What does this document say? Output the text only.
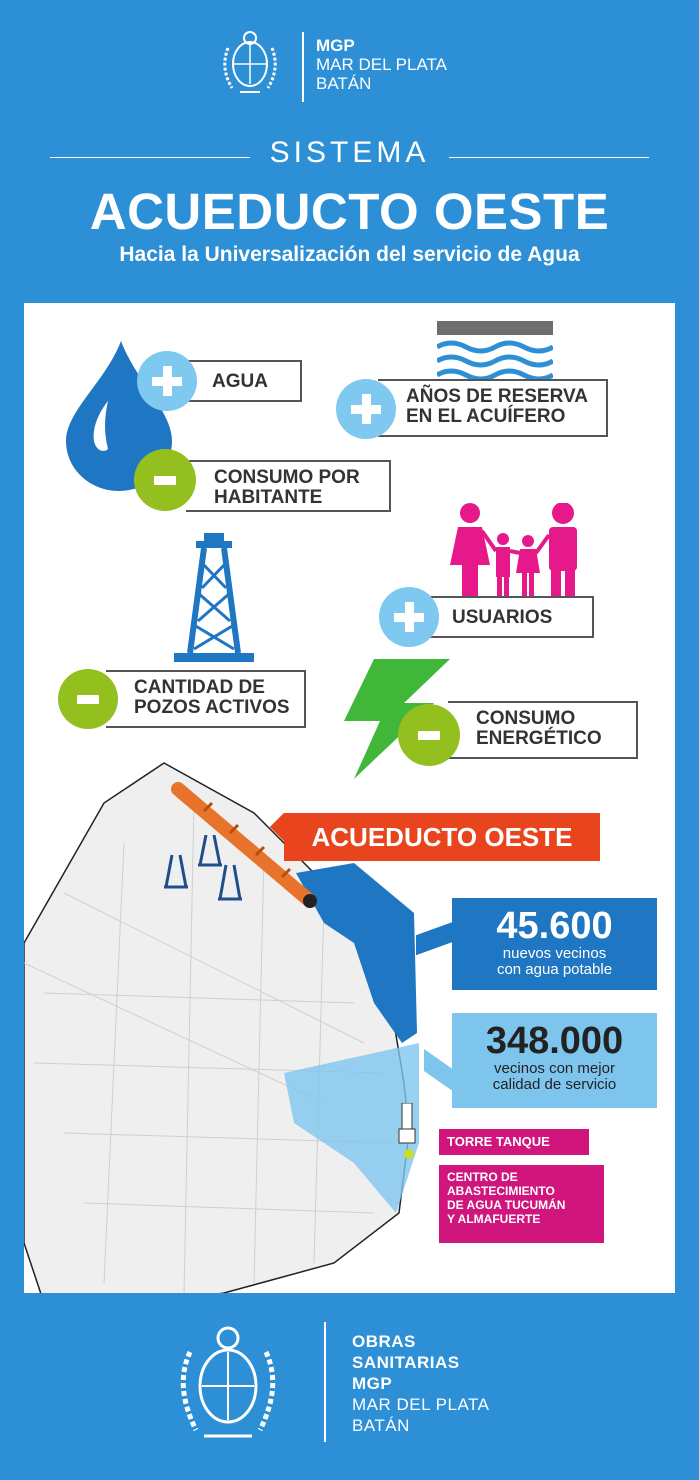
MGP
MAR DEL PLATA
BATÁN
SISTEMA
ACUEDUCTO OESTE
Hacia la Universalización del servicio de Agua
AGUA
CONSUMO POR
HABITANTE
AÑOS DE RESERVA
EN EL ACUÍFERO
USUARIOS
CANTIDAD DE
POZOS ACTIVOS
CONSUMO
ENERGÉTICO
ACUEDUCTO OESTE
45.600
nuevos vecinos
con agua potable
348.000
vecinos con mejor
calidad de servicio
TORRE TANQUE
CENTRO DE
ABASTECIMIENTO
DE AGUA TUCUMÁN
Y ALMAFUERTE
OBRAS
SANITARIAS
MGP
MAR DEL PLATA
BATÁN
